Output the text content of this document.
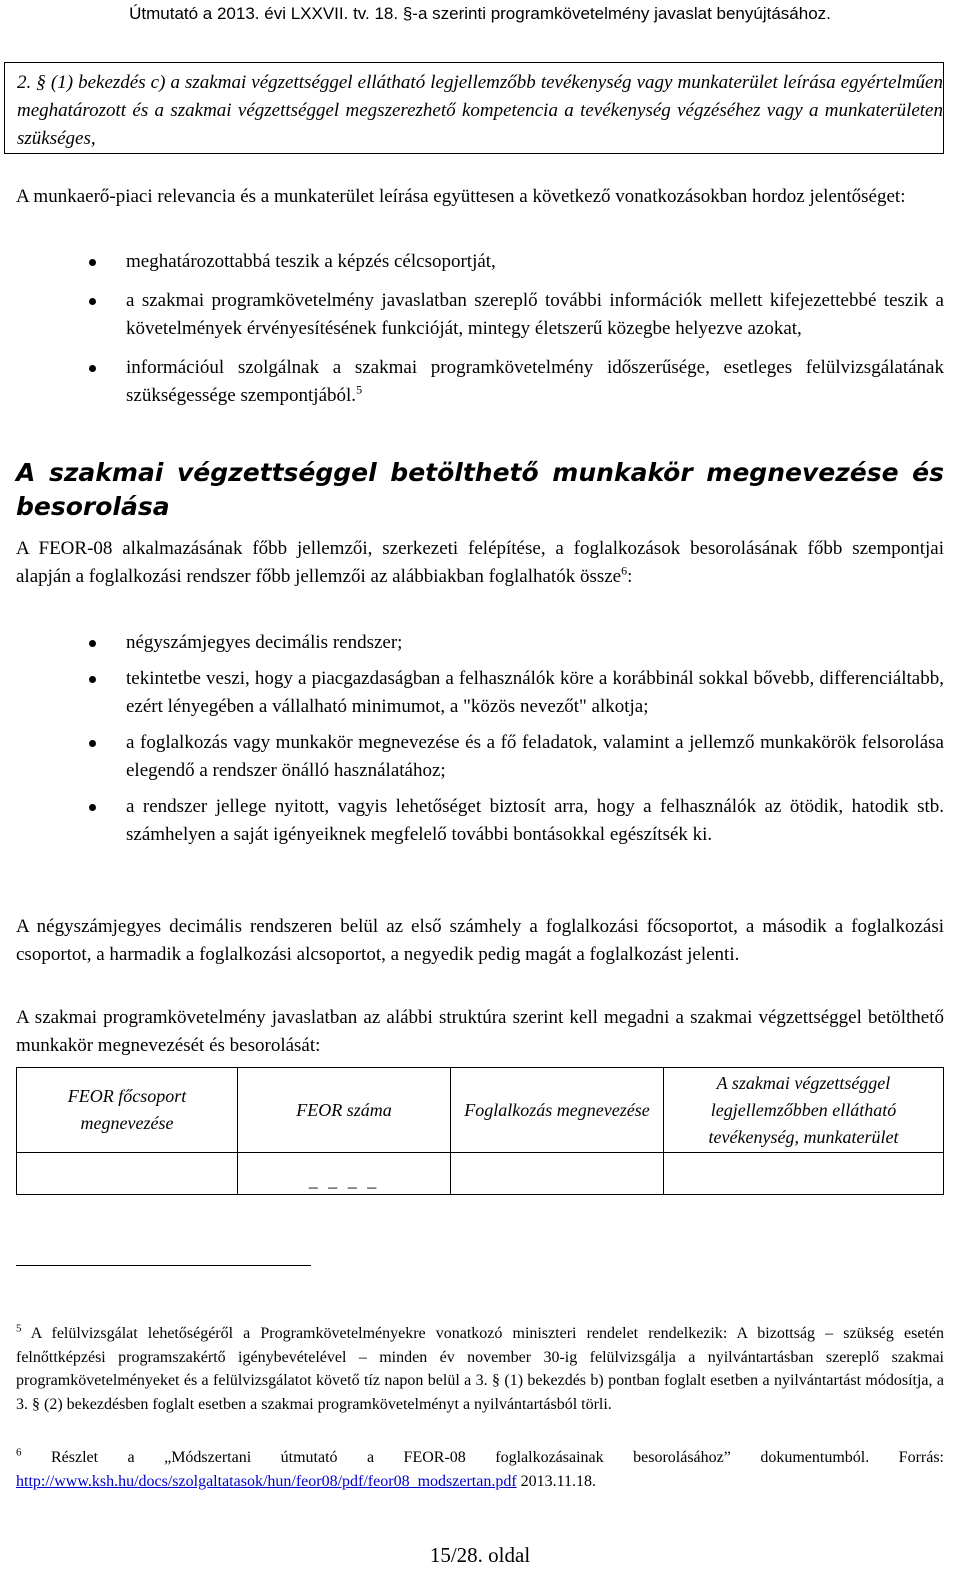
Útmutató a 2013. évi LXXVII. tv. 18. §-a szerinti programkövetelmény javaslat benyújtásához.
2. § (1) bekezdés c) a szakmai végzettséggel ellátható legjellemzőbb tevékenység vagy munkaterület leírása egyértelműen meghatározott és a szakmai végzettséggel megszerezhető kompetencia a tevékenység végzéséhez vagy a munkaterületen szükséges,
A munkaerő-piaci relevancia és a munkaterület leírása együttesen a következő vonatkozásokban hordoz jelentőséget:
meghatározottabbá teszik a képzés célcsoportját,
a szakmai programkövetelmény javaslatban szereplő további információk mellett kifejezettebbé teszik a követelmények érvényesítésének funkcióját, mintegy életszerű közegbe helyezve azokat,
információul szolgálnak a szakmai programkövetelmény időszerűsége, esetleges felülvizsgálatának szükségessége szempontjából.$^5$
A szakmai végzettséggel betölthető munkakör megnevezése és
besorolása
A FEOR-08 alkalmazásának főbb jellemzői, szerkezeti felépítése, a foglalkozások besorolásának főbb szempontjai alapján a foglalkozási rendszer főbb jellemzői az alábbiakban foglalhatók össze$^6$:
négyszámjegyes decimális rendszer;
tekintetbe veszi, hogy a piacgazdaságban a felhasználók köre a korábbinál sokkal bővebb, differenciáltabb, ezért lényegében a vállalható minimumot, a "közös nevezőt" alkotja;
a foglalkozás vagy munkakör megnevezése és a fő feladatok, valamint a jellemző munkakörök felsorolása elegendő a rendszer önálló használatához;
a rendszer jellege nyitott, vagyis lehetőséget biztosít arra, hogy a felhasználók az ötödik, hatodik stb. számhelyen a saját igényeiknek megfelelő további bontásokkal egészítsék ki.
A négyszámjegyes decimális rendszeren belül az első számhely a foglalkozási főcsoportot, a második a foglalkozási csoportot, a harmadik a foglalkozási alcsoportot, a negyedik pedig magát a foglalkozást jelenti.
A szakmai programkövetelmény javaslatban az alábbi struktúra szerint kell megadni a szakmai végzettséggel betölthető munkakör megnevezését és besorolását:
FEOR főcsoport megnevezése	FEOR száma	Foglalkozás megnevezése	A szakmai végzettséggel legjellemzőbben ellátható tevékenység, munkaterület
	_ _ _ _		
$^5$ A felülvizsgálat lehetőségéről a Programkövetelményekre vonatkozó miniszteri rendelet rendelkezik: A bizottság – szükség esetén felnőttképzési programszakértő igénybevételével – minden év november 30-ig felülvizsgálja a nyilvántartásban szereplő szakmai programkövetelményeket és a felülvizsgálatot követő tíz napon belül a 3. § (1) bekezdés b) pontban foglalt esetben a nyilvántartást módosítja, a 3. § (2) bekezdésben foglalt esetben a szakmai programkövetelményt a nyilvántartásból törli.
$^6$ Részlet a „Módszertani útmutató a FEOR-08 foglalkozásainak besorolásához” dokumentumból. Forrás: http://www.ksh.hu/docs/szolgaltatasok/hun/feor08/pdf/feor08_modszertan.pdf 2013.11.18.
15/28. oldal
